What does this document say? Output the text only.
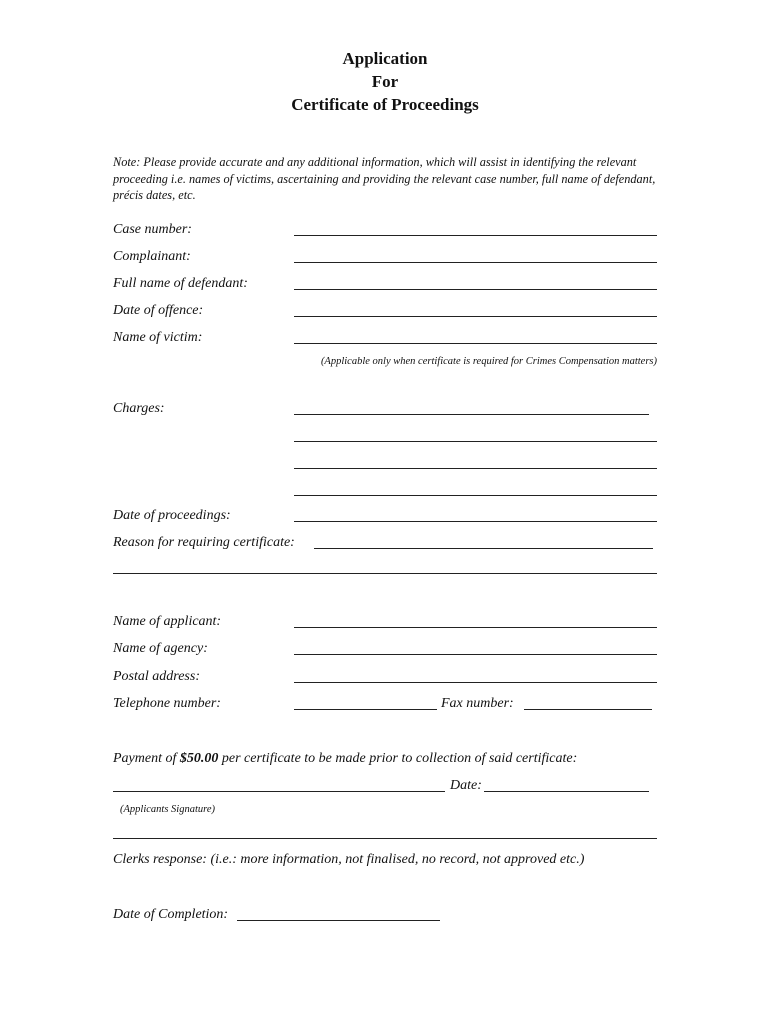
Application
For
Certificate of Proceedings
Note: Please provide accurate and any additional information, which will assist in identifying the relevant proceeding i.e. names of victims, ascertaining and providing the relevant case number, full name of defendant, précis dates, etc.
Case number:
Complainant:
Full name of defendant:
Date of offence:
Name of victim:
(Applicable only when certificate is required for Crimes Compensation matters)
Charges:
Date of proceedings:
Reason for requiring certificate:
Name of applicant:
Name of agency:
Postal address:
Telephone number:	Fax number:
Payment of $50.00 per certificate to be made prior to collection of said certificate:
Date:
(Applicants Signature)
Clerks response: (i.e.: more information, not finalised, no record, not approved etc.)
Date of Completion:
